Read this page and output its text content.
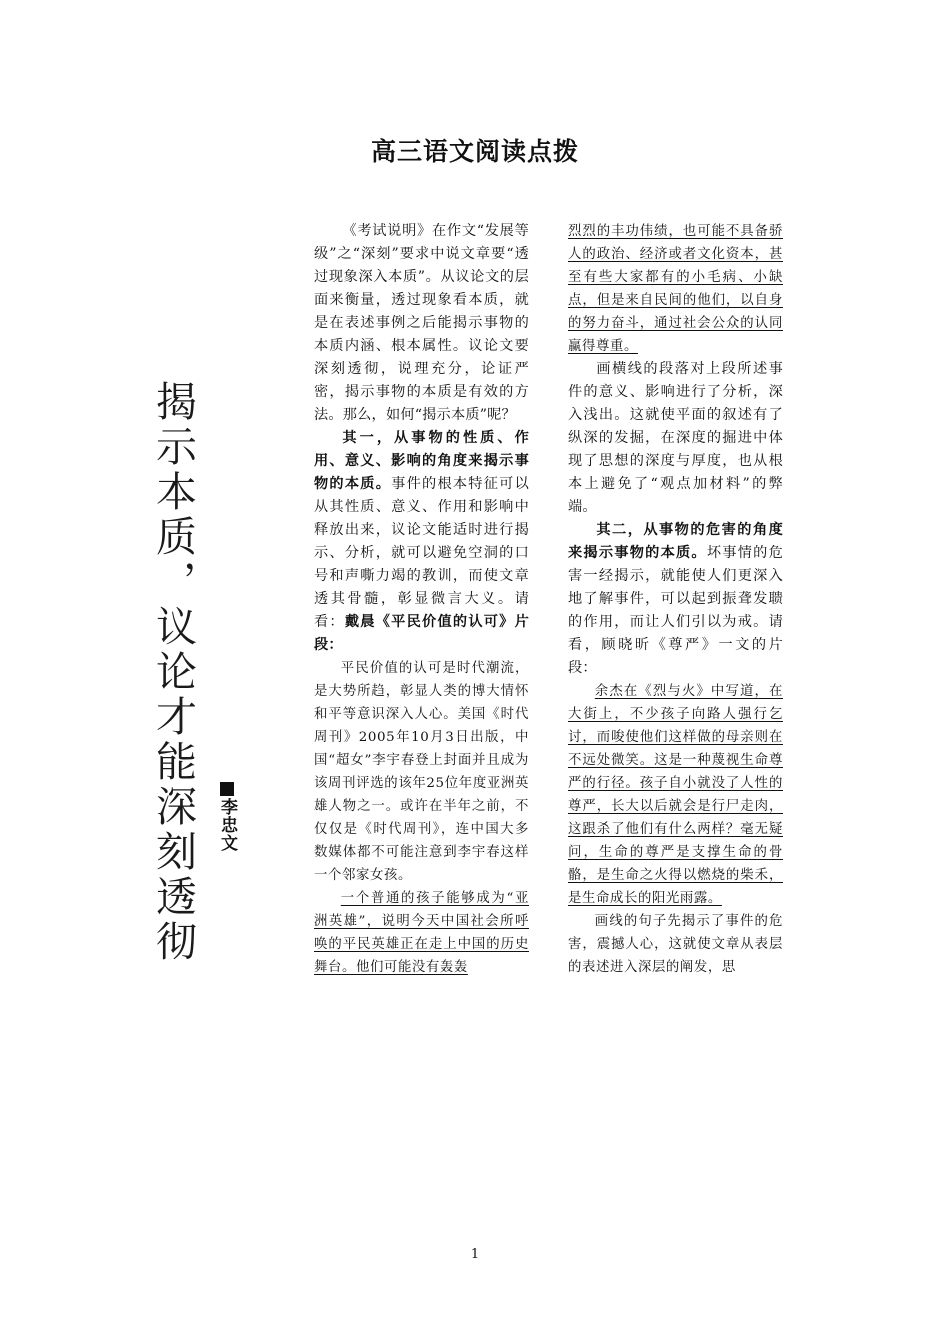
高三语文阅读点拨
揭示本质，议论才能深刻透彻	李忠文

《考试说明》在作文“发展等级”之“深刻”要求中说文章要“透过现象深入本质”。从议论文的层面来衡量，透过现象看本质，就是在表述事例之后能揭示事物的本质内涵、根本属性。议论文要深刻透彻，说理充分，论证严密，揭示事物的本质是有效的方法。那么，如何“揭示本质”呢？

其一，从事物的性质、作用、意义、影响的角度来揭示事物的本质。事件的根本特征可以从其性质、意义、作用和影响中释放出来，议论文能适时进行揭示、分析，就可以避免空洞的口号和声嘶力竭的教训，而使文章透其骨髓，彰显微言大义。请看：戴晨《平民价值的认可》片段：

平民价值的认可是时代潮流，是大势所趋，彰显人类的博大情怀和平等意识深入人心。美国《时代周刊》2005年10月3日出版，中国“超女”李宇春登上封面并且成为该周刊评选的该年25位年度亚洲英雄人物之一。或许在半年之前，不仅仅是《时代周刊》，连中国大多数媒体都不可能注意到李宇春这样一个邻家女孩。

一个普通的孩子能够成为“亚洲英雄”，说明今天中国社会所呼唤的平民英雄正在走上中国的历史舞台。他们可能没有轰轰

烈烈的丰功伟绩，也可能不具备骄人的政治、经济或者文化资本，甚至有些大家都有的小毛病、小缺点，但是来自民间的他们，以自身的努力奋斗，通过社会公众的认同赢得尊重。

画横线的段落对上段所述事件的意义、影响进行了分析，深入浅出。这就使平面的叙述有了纵深的发掘，在深度的掘进中体现了思想的深度与厚度，也从根本上避免了“观点加材料”的弊端。

其二，从事物的危害的角度来揭示事物的本质。坏事情的危害一经揭示，就能使人们更深入地了解事件，可以起到振聋发聩的作用，而让人们引以为戒。请看，顾晓昕《尊严》一文的片段：

余杰在《烈与火》中写道，在大街上，不少孩子向路人强行乞讨，而唆使他们这样做的母亲则在不远处微笑。这是一种蔑视生命尊严的行径。孩子自小就没了人性的尊严，长大以后就会是行尸走肉，这跟杀了他们有什么两样？毫无疑问，生命的尊严是支撑生命的骨骼，是生命之火得以燃烧的柴禾，是生命成长的阳光雨露。

画线的句子先揭示了事件的危害，震撼人心，这就使文章从表层的表述进入深层的阐发，思

1
